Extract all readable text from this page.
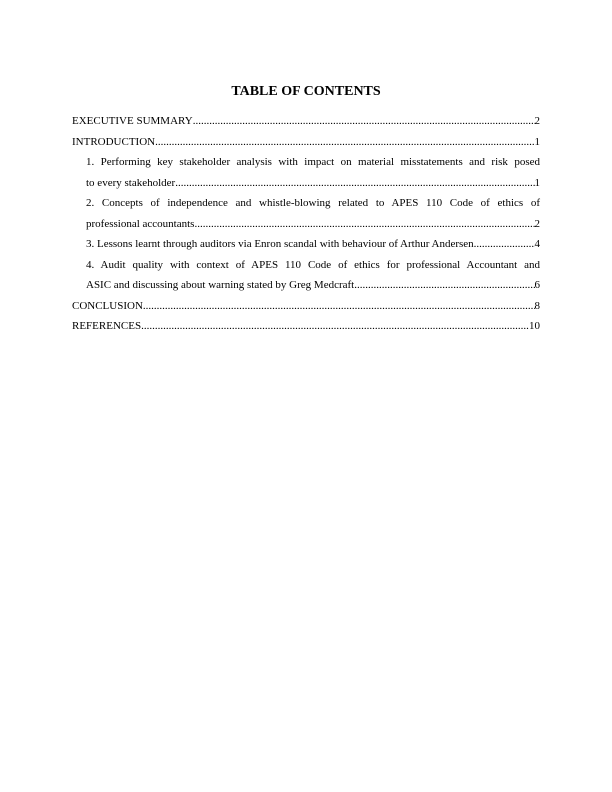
TABLE OF CONTENTS
EXECUTIVE SUMMARY .....	2
INTRODUCTION .....	1
1. Performing key stakeholder analysis with impact on material misstatements and risk posed
to every stakeholder .....	1
2. Concepts of independence and whistle-blowing related to APES 110 Code of ethics of
professional accountants .....	2
3. Lessons learnt through auditors via Enron scandal with behaviour of Arthur Andersen .....	4
4. Audit quality with context of APES 110 Code of ethics for professional Accountant and
ASIC and discussing about warning stated by Greg Medcraft .....	6
CONCLUSION .....	8
REFERENCES .....	10
